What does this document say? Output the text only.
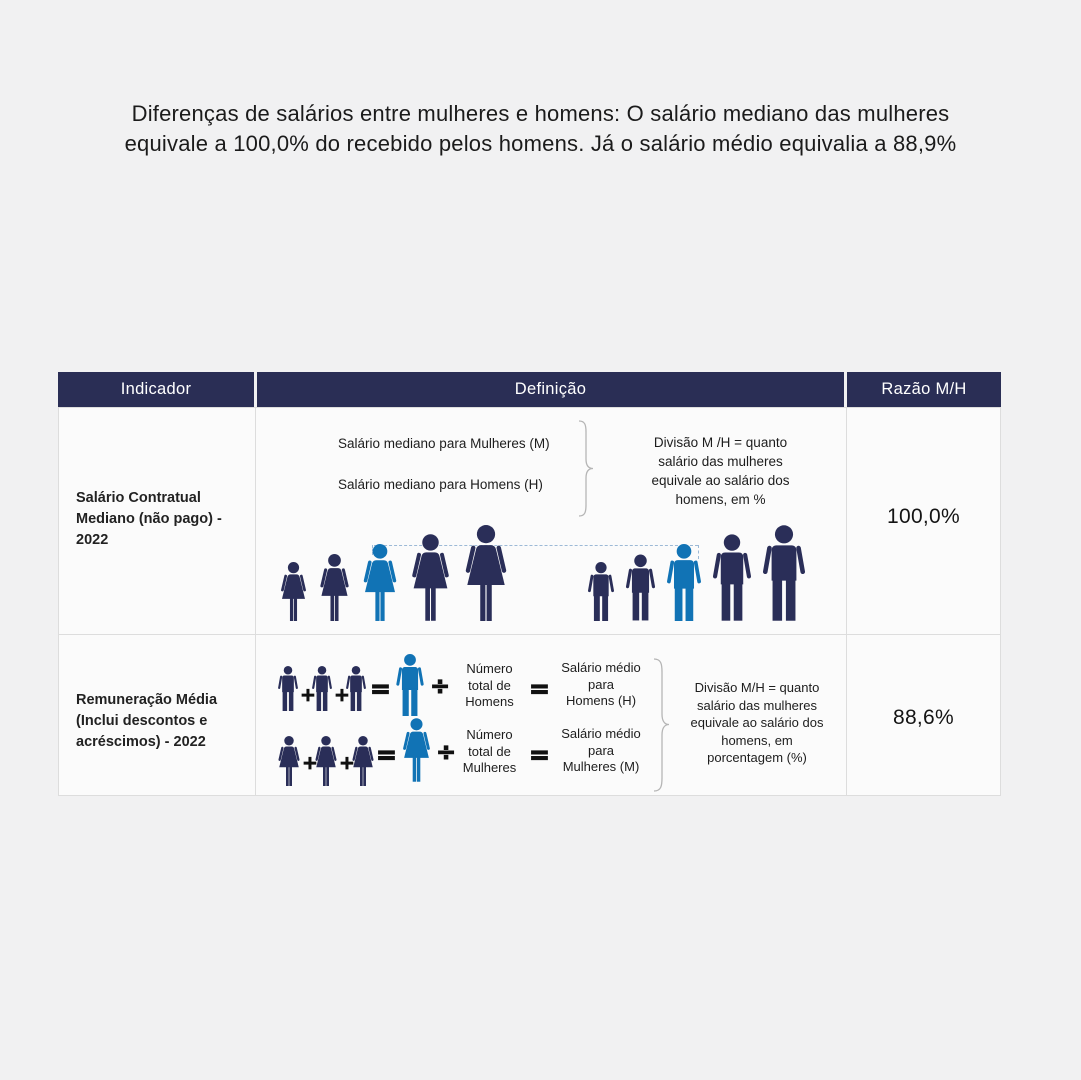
Diferenças de salários entre mulheres e homens: O salário mediano das mulheres
equivale a 100,0% do recebido pelos homens. Já o salário médio equivalia a 88,9%
Indicador	Definição	Razão M/H
Salário Contratual
Mediano (não pago) -
2022
Salário mediano para Mulheres (M)
Salário mediano para Homens (H)
Divisão M /H = quanto
salário das mulheres
equivale ao salário dos
homens, em %
100,0%
Remuneração Média
(Inclui descontos e
acréscimos) - 2022
+ + = ÷
Número
total de
Homens =
Salário médio
para
Homens (H)
+ + = ÷
Número
total de
Mulheres =
Salário médio
para
Mulheres (M)
Divisão M/H = quanto
salário das mulheres
equivale ao salário dos
homens, em
porcentagem (%)
88,6%
